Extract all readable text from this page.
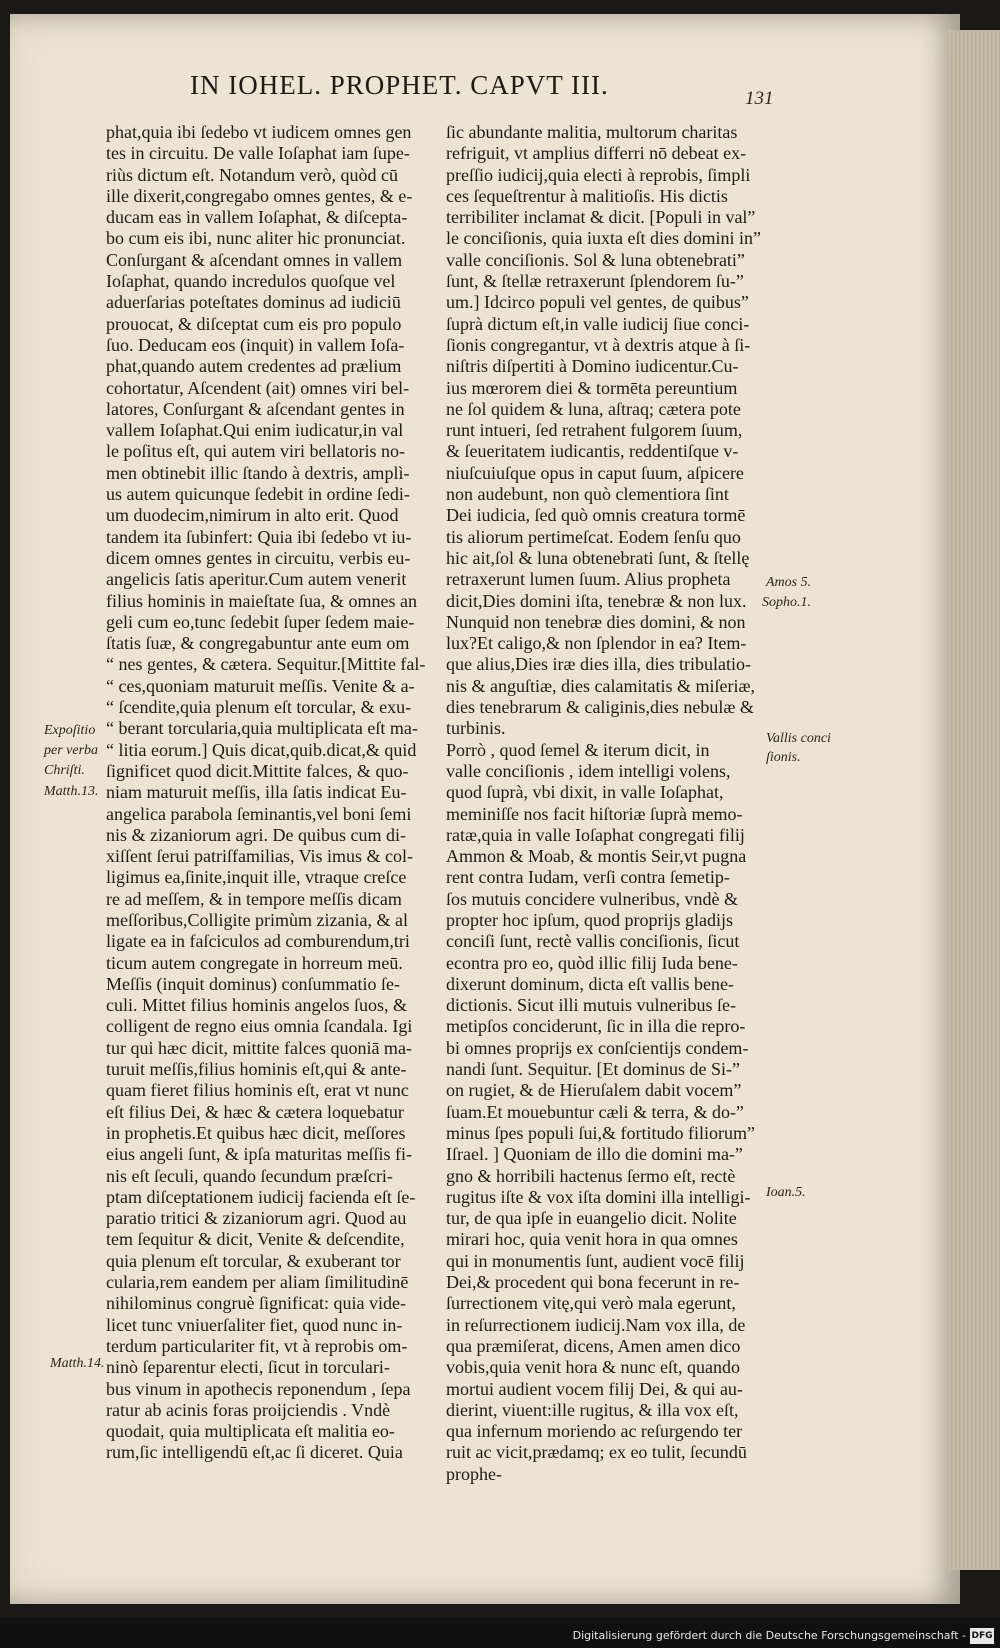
IN IOHEL. PROPHET. CAPVT III.	131
phat,quia ibi ſedebo vt iudicem omnes gen
tes in circuitu. De valle Ioſaphat iam ſupe-
riùs dictum eſt. Notandum verò, quòd cū
ille dixerit,congregabo omnes gentes, & e-
ducam eas in vallem Ioſaphat, & diſcepta-
bo cum eis ibi, nunc aliter hic pronunciat.
Conſurgant & aſcendant omnes in vallem
Ioſaphat, quando incredulos quoſque vel
aduerſarias poteſtates dominus ad iudiciū
prouocat, & diſceptat cum eis pro populo
ſuo. Deducam eos (inquit) in vallem Ioſa-
phat,quando autem credentes ad prælium
cohortatur, Aſcendent (ait) omnes viri bel-
latores, Conſurgant & aſcendant gentes in
vallem Ioſaphat.Qui enim iudicatur,in val
le poſitus eſt, qui autem viri bellatoris no-
men obtinebit illic ſtando à dextris, amplì-
us autem quicunque ſedebit in ordine ſedi-
um duodecim,nimirum in alto erit. Quod
tandem ita ſubinfert: Quia ibi ſedebo vt iu-
dicem omnes gentes in circuitu, verbis eu-
angelicis ſatis aperitur.Cum autem venerit
filius hominis in maieſtate ſua, & omnes an
geli cum eo,tunc ſedebit ſuper ſedem maie-
ſtatis ſuæ, & congregabuntur ante eum om
“ nes gentes, & cætera. Sequitur.[Mittite fal-
“ ces,quoniam maturuit meſſis. Venite & a-
“ ſcendite,quia plenum eſt torcular, & exu-
“ berant torcularia,quia multiplicata eſt ma-
“ litia eorum.] Quis dicat,quib.dicat,& quid
ſignificet quod dicit.Mittite falces, & quo-
niam maturuit meſſis, illa ſatis indicat Eu-
angelica parabola ſeminantis,vel boni ſemi
nis & zizaniorum agri. De quibus cum di-
xiſſent ſerui patriſfamilias, Vis imus & col-
ligimus ea,ſinite,inquit ille, vtraque creſce
re ad meſſem, & in tempore meſſis dicam
meſſoribus,Colligite primùm zizania, & al
ligate ea in faſciculos ad comburendum,tri
ticum autem congregate in horreum meū.
Meſſis (inquit dominus) conſummatio ſe-
culi. Mittet filius hominis angelos ſuos, &
colligent de regno eius omnia ſcandala. Igi
tur qui hæc dicit, mittite falces quoniā ma-
turuit meſſis,filius hominis eſt,qui & ante-
quam fieret filius hominis eſt, erat vt nunc
eſt filius Dei, & hæc & cætera loquebatur
in prophetis.Et quibus hæc dicit, meſſores
eius angeli ſunt, & ipſa maturitas meſſis fi-
nis eſt ſeculi, quando ſecundum præſcri-
ptam diſceptationem iudicij facienda eſt ſe-
paratio tritici & zizaniorum agri. Quod au
tem ſequitur & dicit, Venite & deſcendite,
quia plenum eſt torcular, & exuberant tor
cularia,rem eandem per aliam ſimilitudinē
nihilominus congruè ſignificat: quia vide-
licet tunc vniuerſaliter fiet, quod nunc in-
terdum particulariter fit, vt à reprobis om-
ninò ſeparentur electi, ſicut in torculari-
bus vinum in apothecis reponendum , ſepa
ratur ab acinis foras proijciendis . Vndè
quodait, quia multiplicata eſt malitia eo-
rum,ſic intelligendū eſt,ac ſi diceret. Quia
ſic abundante malitia, multorum charitas
refriguit, vt amplius differri nō debeat ex-
preſſio iudicij,quia electi à reprobis, ſimpli
ces ſequeſtrentur à malitioſis. His dictis
terribiliter inclamat & dicit. [Populi in val”
le conciſionis, quia iuxta eſt dies domini in”
valle conciſionis. Sol & luna obtenebrati”
ſunt, & ſtellæ retraxerunt ſplendorem ſu-”
um.] Idcirco populi vel gentes, de quibus”
ſuprà dictum eſt,in valle iudicij ſiue conci-
ſionis congregantur, vt à dextris atque à ſi-
niſtris diſpertiti à Domino iudicentur.Cu-
ius mœrorem diei & tormēta pereuntium
ne ſol quidem & luna, aſtraq; cætera pote
runt intueri, ſed retrahent fulgorem ſuum,
& ſeueritatem iudicantis, reddentiſque v-
niuſcuiuſque opus in caput ſuum, aſpicere
non audebunt, non quò clementiora ſint
Dei iudicia, ſed quò omnis creatura tormē
tis aliorum pertimeſcat. Eodem ſenſu quo
hic ait,ſol & luna obtenebrati ſunt, & ſtellę
retraxerunt lumen ſuum. Alius propheta
dicit,Dies domini iſta, tenebræ & non lux.
Nunquid non tenebræ dies domini, & non
lux?Et caligo,& non ſplendor in ea? Item-
que alius,Dies iræ dies illa, dies tribulatio-
nis & anguſtiæ, dies calamitatis & miſeriæ,
dies tenebrarum & caliginis,dies nebulæ &
turbinis.
Porrò , quod ſemel & iterum dicit, in
valle conciſionis , idem intelligi volens,
quod ſuprà, vbi dixit, in valle Ioſaphat,
meminiſſe nos facit hiſtoriæ ſuprà memo-
ratæ,quia in valle Ioſaphat congregati filij
Ammon & Moab, & montis Seir,vt pugna
rent contra Iudam, verſi contra ſemetip-
ſos mutuis concidere vulneribus, vndè &
propter hoc ipſum, quod proprijs gladijs
conciſi ſunt, rectè vallis conciſionis, ſicut
econtra pro eo, quòd illic filij Iuda bene-
dixerunt dominum, dicta eſt vallis bene-
dictionis. Sicut illi mutuis vulneribus ſe-
metipſos conciderunt, ſic in illa die repro-
bi omnes proprijs ex conſcientijs condem-
nandi ſunt. Sequitur. [Et dominus de Si-”
on rugiet, & de Hieruſalem dabit vocem”
ſuam.Et mouebuntur cæli & terra, & do-”
minus ſpes populi ſui,& fortitudo filiorum”
Iſrael. ] Quoniam de illo die domini ma-”
gno & horribili hactenus ſermo eſt, rectè
rugitus iſte & vox iſta domini illa intelligi-
tur, de qua ipſe in euangelio dicit. Nolite
mirari hoc, quia venit hora in qua omnes
qui in monumentis ſunt, audient vocē filij
Dei,& procedent qui bona fecerunt in re-
ſurrectionem vitę,qui verò mala egerunt,
in reſurrectionem iudicij.Nam vox illa, de
qua præmiſerat, dicens, Amen amen dico
vobis,quia venit hora & nunc eſt, quando
mortui audient vocem filij Dei, & qui au-
dierint, viuent:ille rugitus, & illa vox eſt,
qua infernum moriendo ac reſurgendo ter
ruit ac vicit,prædamq; ex eo tulit, ſecundū
prophe-
Expoſitio
per verba
Chriſti.
Matth.13.
Matth.14.
Amos 5.
Sopho.1.
Vallis conci
ſionis.
Ioan.5.
Digitalisierung gefördert durch die Deutsche Forschungsgemeinschaft - DFG
